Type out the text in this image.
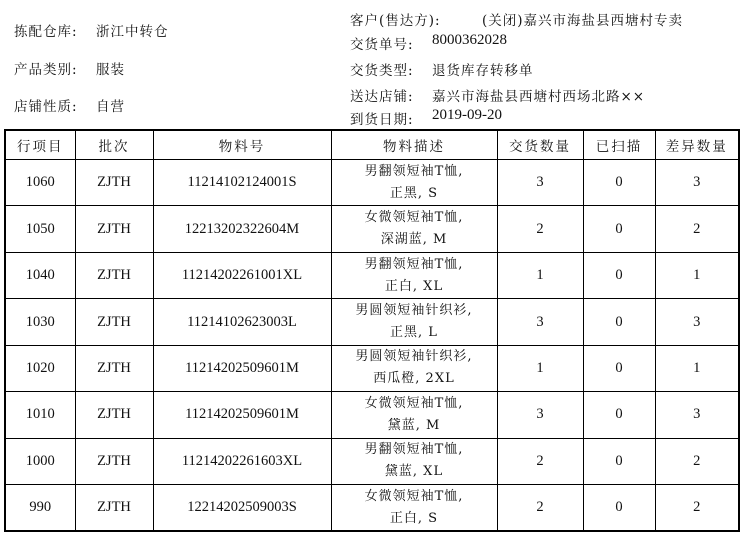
拣配仓库: 浙江中转仓
产品类别: 服装
店铺性质: 自营
客户(售达方):	(关闭)嘉兴市海盐县西塘村专卖
交货单号: 8000362028
交货类型: 退货库存转移单
送达店铺: 嘉兴市海盐县西塘村西场北路××
到货日期: 2019-09-20
行项目	批次	物料号	物料描述	交货数量	已扫描	差异数量
1060	ZJTH	11214102124001S	男翻领短袖T恤,
正黑, S	3	0	3
1050	ZJTH	12213202322604M	女微领短袖T恤,
深湖蓝, M	2	0	2
1040	ZJTH	11214202261001XL	男翻领短袖T恤,
正白, XL	1	0	1
1030	ZJTH	11214102623003L	男圆领短袖针织衫,
正黑, L	3	0	3
1020	ZJTH	11214202509601M	男圆领短袖针织衫,
西瓜橙, 2XL	1	0	1
1010	ZJTH	11214202509601M	女微领短袖T恤,
黛蓝, M	3	0	3
1000	ZJTH	11214202261603XL	男翻领短袖T恤,
黛蓝, XL	2	0	2
990	ZJTH	12214202509003S	女微领短袖T恤,
正白, S	2	0	2
